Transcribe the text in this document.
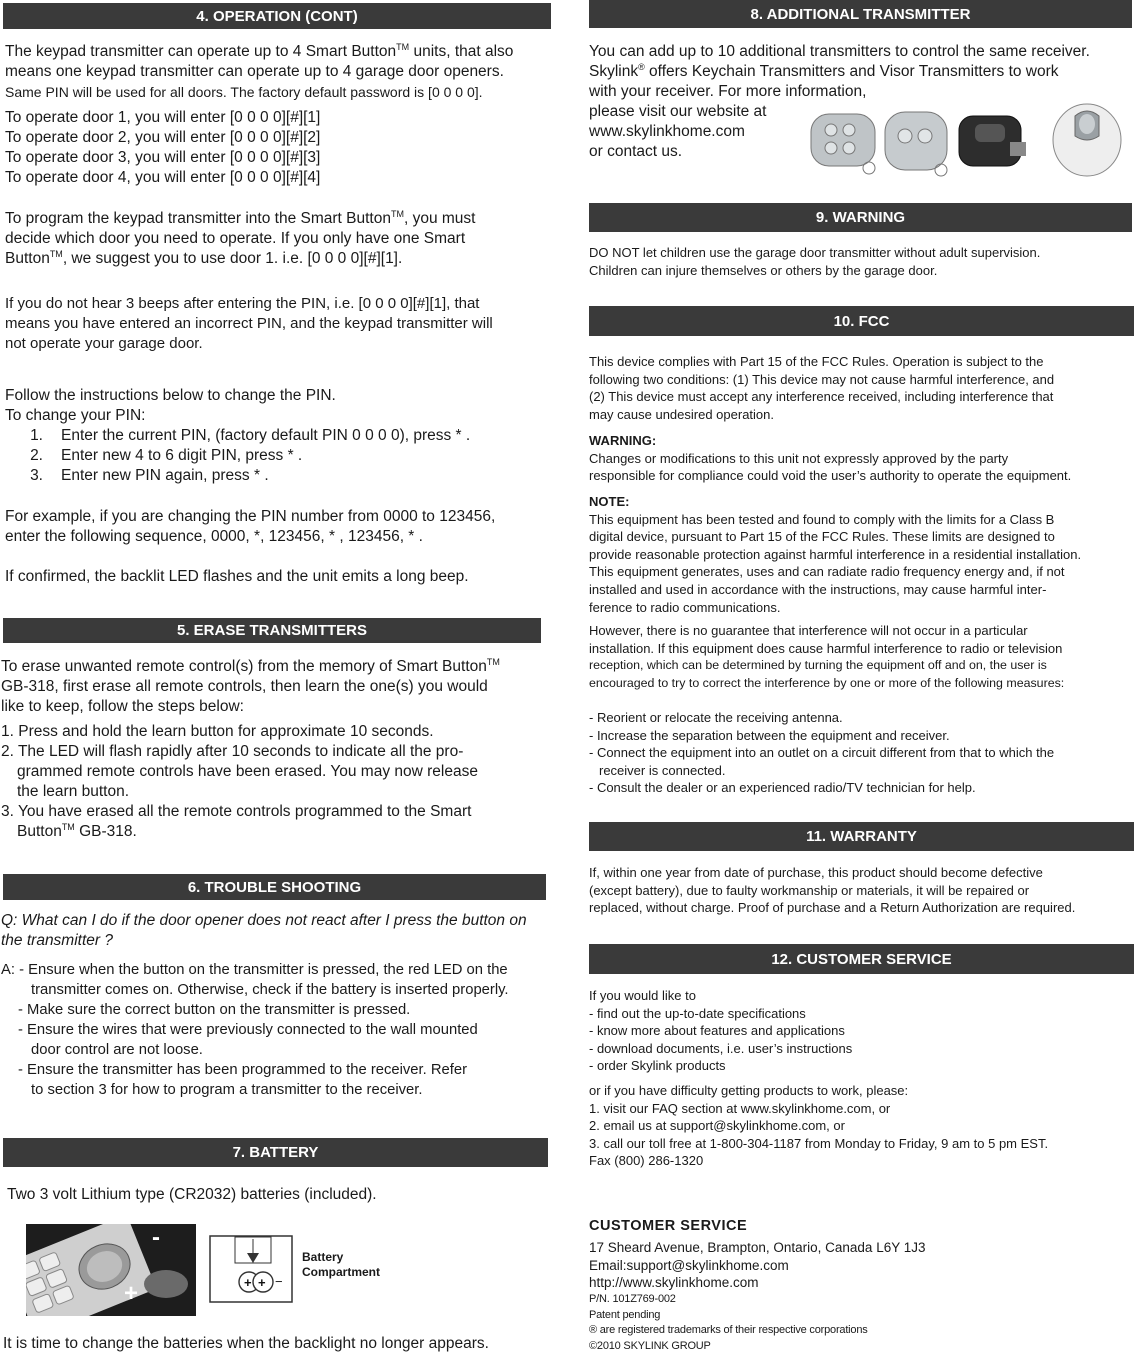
4. OPERATION (CONT)
The keypad transmitter can operate up to 4 Smart Button™ units, that also
means one keypad transmitter can operate up to 4 garage door openers.
Same PIN will be used for all doors. The factory default password is [0 0 0 0].
To operate door 1, you will enter [0 0 0 0][#][1]
To operate door 2, you will enter [0 0 0 0][#][2]
To operate door 3, you will enter [0 0 0 0][#][3]
To operate door 4, you will enter [0 0 0 0][#][4]
To program the keypad transmitter into the Smart Button™, you must
decide which door you need to operate. If you only have one Smart
Button™, we suggest you to use door 1. i.e. [0 0 0 0][#][1].
If you do not hear 3 beeps after entering the PIN, i.e. [0 0 0 0][#][1], that
means you have entered an incorrect PIN, and the keypad transmitter will
not operate your garage door.
Follow the instructions below to change the PIN.
To change your PIN:
1. Enter the current PIN, (factory default PIN 0 0 0 0), press * .
2. Enter new 4 to 6 digit PIN, press * .
3. Enter new PIN again, press * .
For example, if you are changing the PIN number from 0000 to 123456,
enter the following sequence, 0000, *, 123456, * , 123456, * .
If confirmed, the backlit LED flashes and the unit emits a long beep.
5. ERASE TRANSMITTERS
To erase unwanted remote control(s) from the memory of Smart Button™
GB-318, first erase all remote controls, then learn the one(s) you would
like to keep, follow the steps below:
1. Press and hold the learn button for approximate 10 seconds.
2. The LED will flash rapidly after 10 seconds to indicate all the pro-
grammed remote controls have been erased. You may now release
the learn button.
3. You have erased all the remote controls programmed to the Smart
Button™ GB-318.
6. TROUBLE SHOOTING
Q: What can I do if the door opener does not react after I press the button on
the transmitter ?
A: - Ensure when the button on the transmitter is pressed, the red LED on the
transmitter comes on. Otherwise, check if the battery is inserted properly.
- Make sure the correct button on the transmitter is pressed.
- Ensure the wires that were previously connected to the wall mounted
door control are not loose.
- Ensure the transmitter has been programmed to the receiver. Refer
to section 3 for how to program a transmitter to the receiver.
7. BATTERY
Two 3 volt Lithium type (CR2032) batteries (included).
-
+	+ + −
Battery
Compartment
It is time to change the batteries when the backlight no longer appears.
8. ADDITIONAL TRANSMITTER
You can add up to 10 additional transmitters to control the same receiver.
Skylink® offers Keychain Transmitters and Visor Transmitters to work
with your receiver. For more information,
please visit our website at
www.skylinkhome.com
or contact us.
9. WARNING
DO NOT let children use the garage door transmitter without adult supervision.
Children can injure themselves or others by the garage door.
10. FCC
This device complies with Part 15 of the FCC Rules. Operation is subject to the
following two conditions: (1) This device may not cause harmful interference, and
(2) This device must accept any interference received, including interference that
may cause undesired operation.
WARNING:
Changes or modifications to this unit not expressly approved by the party
responsible for compliance could void the user’s authority to operate the equipment.
NOTE:
This equipment has been tested and found to comply with the limits for a Class B
digital device, pursuant to Part 15 of the FCC Rules. These limits are designed to
provide reasonable protection against harmful interference in a residential installation.
This equipment generates, uses and can radiate radio frequency energy and, if not
installed and used in accordance with the instructions, may cause harmful inter-
ference to radio communications.
However, there is no guarantee that interference will not occur in a particular
installation. If this equipment does cause harmful interference to radio or television
reception, which can be determined by turning the equipment off and on, the user is
encouraged to try to correct the interference by one or more of the following measures:
- Reorient or relocate the receiving antenna.
- Increase the separation between the equipment and receiver.
- Connect the equipment into an outlet on a circuit different from that to which the
receiver is connected.
- Consult the dealer or an experienced radio/TV technician for help.
11. WARRANTY
If, within one year from date of purchase, this product should become defective
(except battery), due to faulty workmanship or materials, it will be repaired or
replaced, without charge. Proof of purchase and a Return Authorization are required.
12. CUSTOMER SERVICE
If you would like to
- find out the up-to-date specifications
- know more about features and applications
- download documents, i.e. user’s instructions
- order Skylink products
or if you have difficulty getting products to work, please:
1. visit our FAQ section at www.skylinkhome.com, or
2. email us at support@skylinkhome.com, or
3. call our toll free at 1-800-304-1187 from Monday to Friday, 9 am to 5 pm EST.
Fax (800) 286-1320
CUSTOMER SERVICE
17 Sheard Avenue, Brampton, Ontario, Canada L6Y 1J3
Email:support@skylinkhome.com
http://www.skylinkhome.com
P/N. 101Z769-002
Patent pending
® are registered trademarks of their respective corporations
©2010 SKYLINK GROUP
